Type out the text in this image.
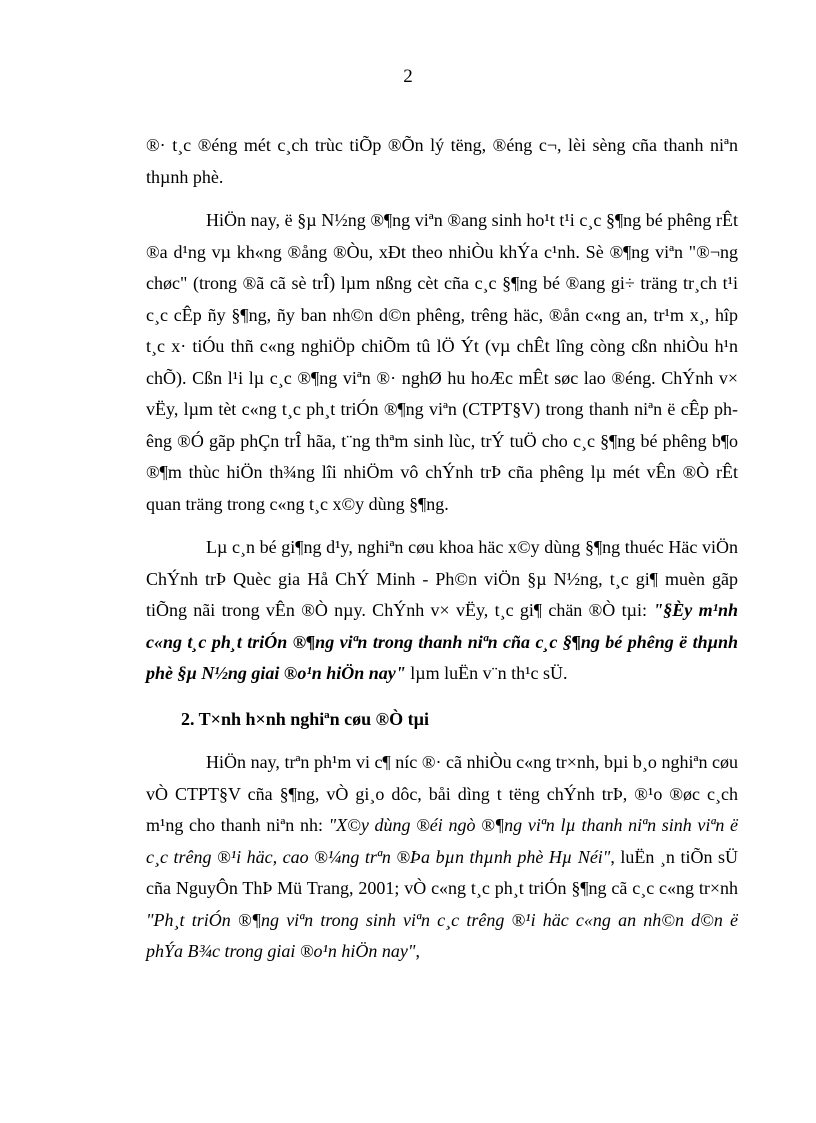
2

®· t¸c ®éng mét c¸ch trùc tiÕp ®Õn lý tëng, ®éng c¬, lèi sèng cña thanh niªn thµnh phè.

HiÖn nay, ë §µ N½ng ®¶ng viªn ®ang sinh ho¹t t¹i c¸c §¶ng bé phêng rÊt ®a d¹ng vµ kh«ng ®ång ®Òu, xÐt theo nhiÒu khÝa c¹nh. Sè ®¶ng viªn "®¬ng chøc" (trong ®ã cã sè trÎ) lµm nßng cèt cña c¸c §¶ng bé ®ang gi÷ träng tr¸ch t¹i c¸c cÊp ñy §¶ng, ñy ban nh©n d©n phêng, trêng häc, ®ån c«ng an, tr¹m x¸, hîp t¸c x· tiÓu thñ c«ng nghiÖp chiÕm tû lÖ Ýt (vµ chÊt lîng còng cßn nhiÒu h¹n chÕ). Cßn l¹i lµ c¸c ®¶ng viªn ®· nghØ hu hoÆc mÊt søc lao ®éng. ChÝnh v× vËy, lµm tèt c«ng t¸c ph¸t triÓn ®¶ng viªn (CTPT§V) trong thanh niªn ë cÊp phêng ®Ó gãp phÇn trÎ hãa, t¨ng thªm sinh lùc, trÝ tuÖ cho c¸c §¶ng bé phêng b¶o ®¶m thùc hiÖn th¾ng lîi nhiÖm vô chÝnh trÞ cña phêng lµ mét vÊn ®Ò rÊt quan träng trong c«ng t¸c x©y dùng §¶ng.

Lµ c¸n bé gi¶ng d¹y, nghiªn cøu khoa häc x©y dùng §¶ng thuéc Häc viÖn ChÝnh trÞ Quèc gia Hå ChÝ Minh - Ph©n viÖn §µ N½ng, t¸c gi¶ muèn gãp tiÕng nãi trong vÊn ®Ò nµy. ChÝnh v× vËy, t¸c gi¶ chän ®Ò tµi: "§Èy m¹nh c«ng t¸c ph¸t triÓn ®¶ng viªn trong thanh niªn cña c¸c §¶ng bé phêng ë thµnh phè §µ N½ng giai ®o¹n hiÖn nay" lµm luËn v¨n th¹c sÜ.

2. T×nh h×nh nghiªn cøu ®Ò tµi

HiÖn nay, trªn ph¹m vi c¶ níc ®· cã nhiÒu c«ng tr×nh, bµi b¸o nghiªn cøu vÒ CTPT§V cña §¶ng, vÒ gi¸o dôc, båi dìng t tëng chÝnh trÞ, ®¹o ®øc c¸ch m¹ng cho thanh niªn nh: "X©y dùng ®éi ngò ®¶ng viªn lµ thanh niªn sinh viªn ë c¸c trêng ®¹i häc, cao ®¼ng trªn ®Þa bµn thµnh phè Hµ Néi", luËn ¸n tiÕn sÜ cña NguyÔn ThÞ Mü Trang, 2001; vÒ c«ng t¸c ph¸t triÓn §¶ng cã c¸c c«ng tr×nh "Ph¸t triÓn ®¶ng viªn trong sinh viªn c¸c trêng ®¹i häc c«ng an nh©n d©n ë phÝa B¾c trong giai ®o¹n hiÖn nay",
